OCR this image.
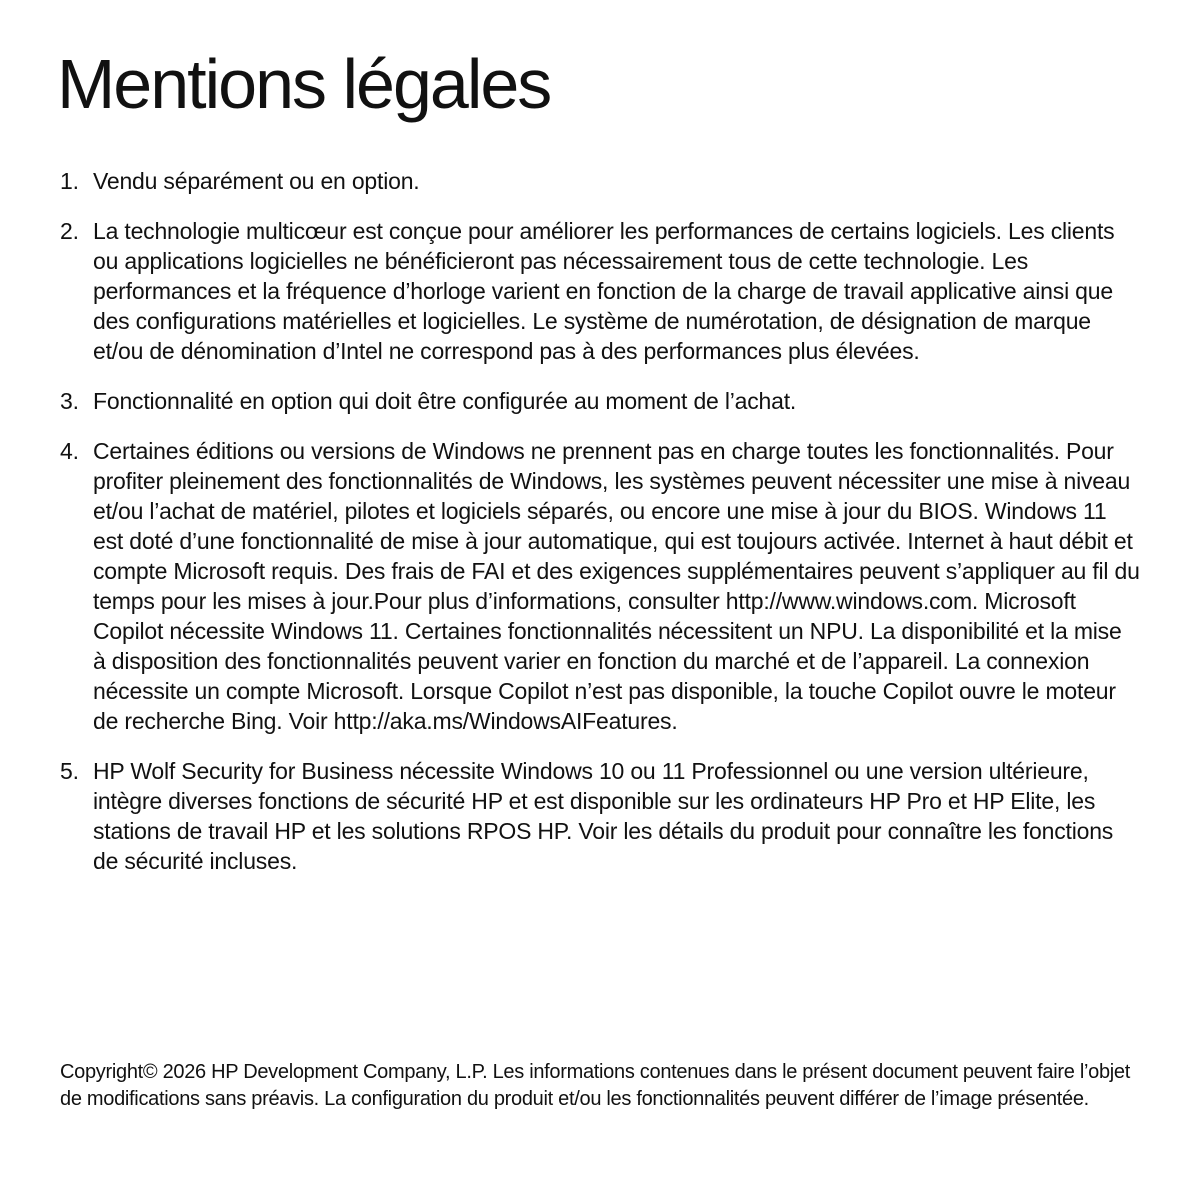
Mentions légales
1. Vendu séparément ou en option.
2. La technologie multicœur est conçue pour améliorer les performances de certains logiciels. Les clients ou applications logicielles ne bénéficieront pas nécessairement tous de cette technologie. Les performances et la fréquence d’horloge varient en fonction de la charge de travail applicative ainsi que des configurations matérielles et logicielles. Le système de numérotation, de désignation de marque et/ou de dénomination d’Intel ne correspond pas à des performances plus élevées.
3. Fonctionnalité en option qui doit être configurée au moment de l’achat.
4. Certaines éditions ou versions de Windows ne prennent pas en charge toutes les fonctionnalités. Pour profiter pleinement des fonctionnalités de Windows, les systèmes peuvent nécessiter une mise à niveau et/ou l’achat de matériel, pilotes et logiciels séparés, ou encore une mise à jour du BIOS. Windows 11 est doté d’une fonctionnalité de mise à jour automatique, qui est toujours activée. Internet à haut débit et compte Microsoft requis. Des frais de FAI et des exigences supplémentaires peuvent s’appliquer au fil du temps pour les mises à jour.Pour plus d’informations, consulter http://www.windows.com. Microsoft Copilot nécessite Windows 11. Certaines fonctionnalités nécessitent un NPU. La disponibilité et la mise à disposition des fonctionnalités peuvent varier en fonction du marché et de l’appareil. La connexion nécessite un compte Microsoft. Lorsque Copilot n’est pas disponible, la touche Copilot ouvre le moteur de recherche Bing. Voir http://aka.ms/WindowsAIFeatures.
5. HP Wolf Security for Business nécessite Windows 10 ou 11 Professionnel ou une version ultérieure, intègre diverses fonctions de sécurité HP et est disponible sur les ordinateurs HP Pro et HP Elite, les stations de travail HP et les solutions RPOS HP. Voir les détails du produit pour connaître les fonctions de sécurité incluses.

Copyright© 2026 HP Development Company, L.P. Les informations contenues dans le présent document peuvent faire l’objet de modifications sans préavis. La configuration du produit et/ou les fonctionnalités peuvent différer de l’image présentée.
